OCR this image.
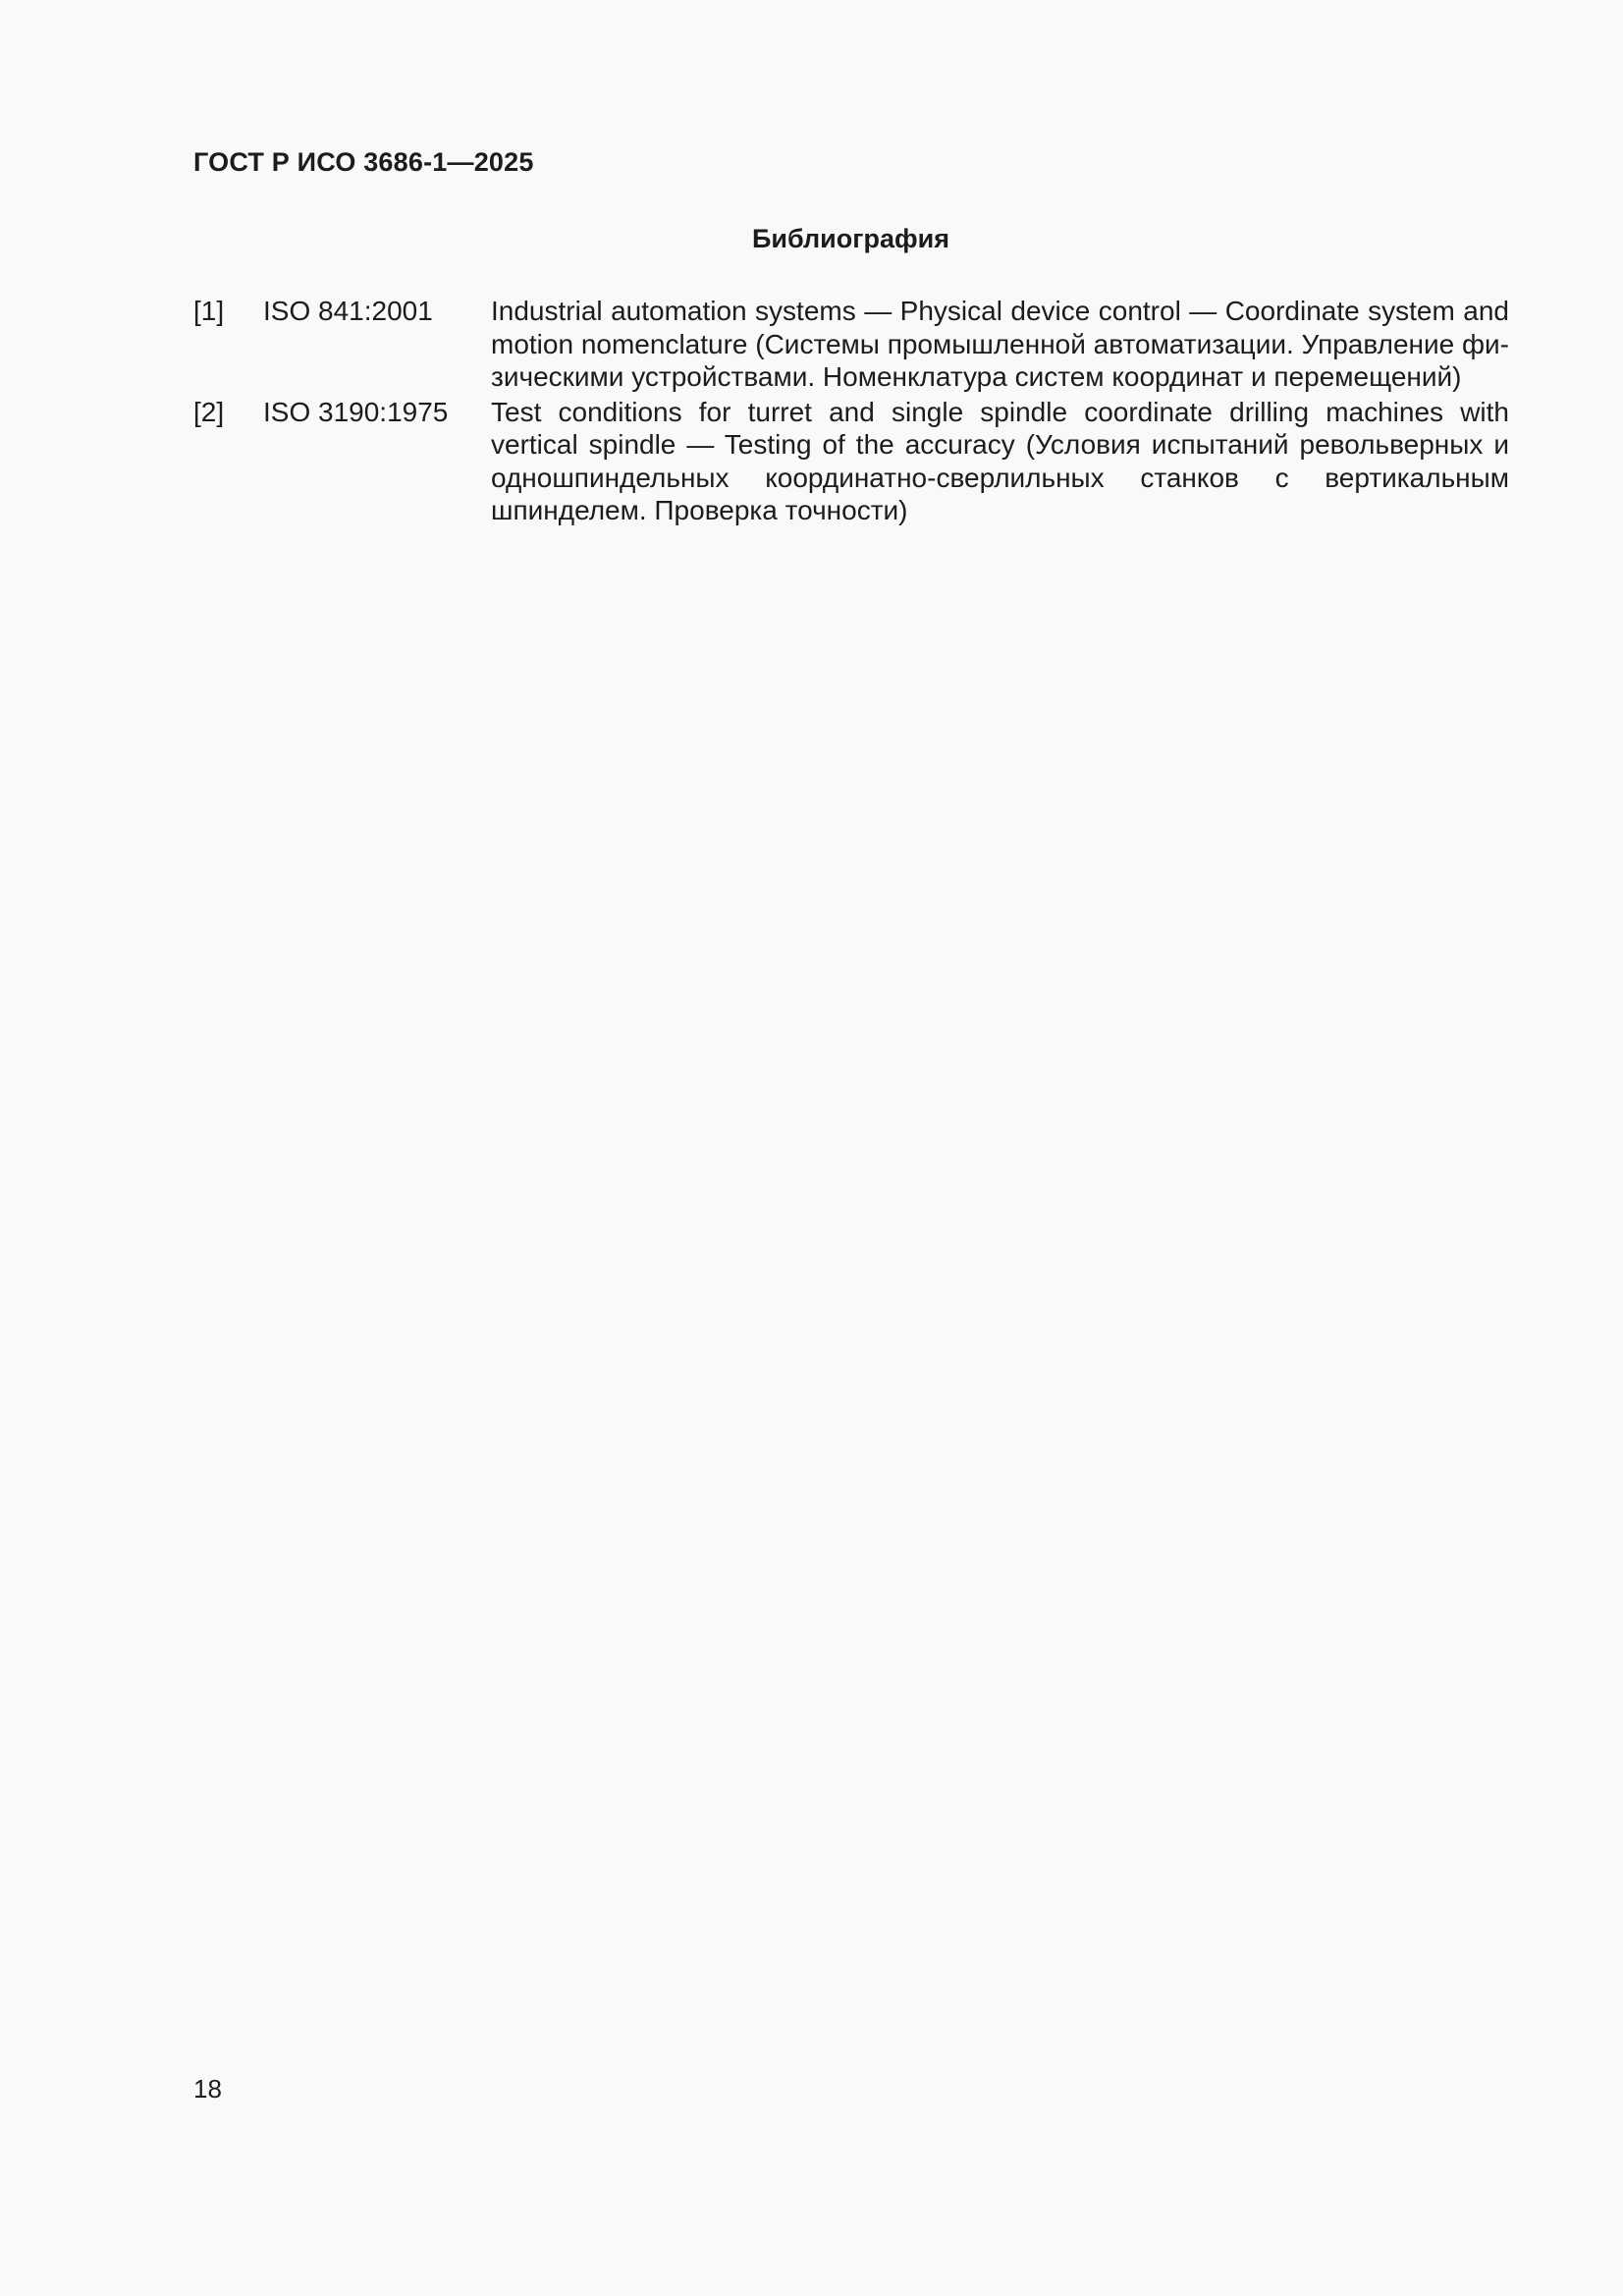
ГОСТ Р ИСО 3686-1—2025
Библиография
[1]	ISO 841:2001	Industrial automation systems — Physical device control — Coordinate system and motion nomenclature (Системы промышленной автоматизации. Управление физическими устройствами. Номенклатура систем координат и перемещений)
[2]	ISO 3190:1975	Test conditions for turret and single spindle coordinate drilling machines with vertical spindle — Testing of the accuracy (Условия испытаний револьверных и одношпиндельных координатно-сверлильных станков с вертикальным шпинделем. Проверка точности)
18
